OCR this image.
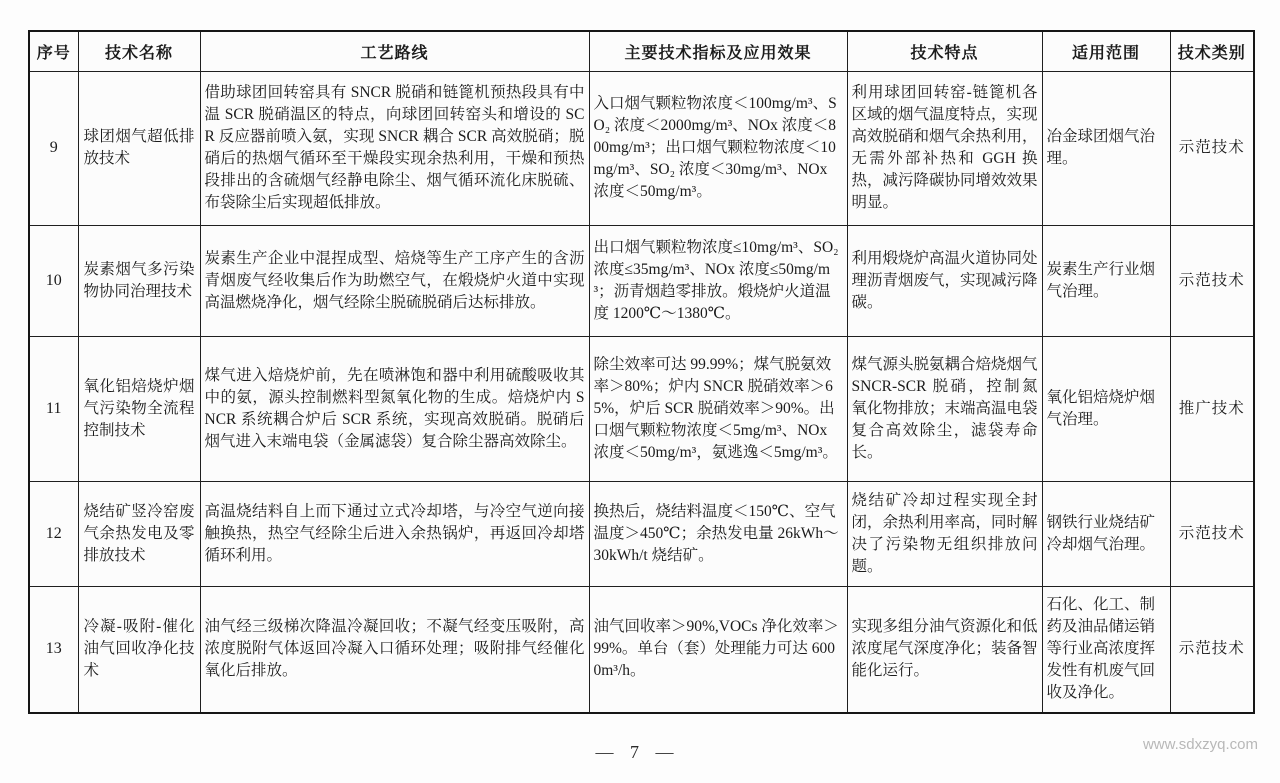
序号	技术名称	工艺路线	主要技术指标及应用效果	技术特点	适用范围	技术类别
9	球团烟气超低排放技术	借助球团回转窑具有 SNCR 脱硝和链篦机预热段具有中温 SCR 脱硝温区的特点，向球团回转窑头和增设的 SCR 反应器前喷入氨，实现 SNCR 耦合 SCR 高效脱硝；脱硝后的热烟气循环至干燥段实现余热利用，干燥和预热段排出的含硫烟气经静电除尘、烟气循环流化床脱硫、布袋除尘后实现超低排放。	入口烟气颗粒物浓度＜100mg/m³、SO₂ 浓度＜2000mg/m³、NOx 浓度＜800mg/m³；出口烟气颗粒物浓度＜10mg/m³、SO₂ 浓度＜30mg/m³、NOx 浓度＜50mg/m³。	利用球团回转窑-链篦机各区域的烟气温度特点，实现高效脱硝和烟气余热利用，无需外部补热和 GGH 换热，减污降碳协同增效效果明显。	冶金球团烟气治理。	示范技术
10	炭素烟气多污染物协同治理技术	炭素生产企业中混捏成型、焙烧等生产工序产生的含沥青烟废气经收集后作为助燃空气，在煅烧炉火道中实现高温燃烧净化，烟气经除尘脱硫脱硝后达标排放。	出口烟气颗粒物浓度≤10mg/m³、SO₂ 浓度≤35mg/m³、NOx 浓度≤50mg/m³；沥青烟趋零排放。煅烧炉火道温度 1200℃～1380℃。	利用煅烧炉高温火道协同处理沥青烟废气，实现减污降碳。	炭素生产行业烟气治理。	示范技术
11	氧化铝焙烧炉烟气污染物全流程控制技术	煤气进入焙烧炉前，先在喷淋饱和器中利用硫酸吸收其中的氨，源头控制燃料型氮氧化物的生成。焙烧炉内 SNCR 系统耦合炉后 SCR 系统，实现高效脱硝。脱硝后烟气进入末端电袋（金属滤袋）复合除尘器高效除尘。	除尘效率可达 99.99%；煤气脱氨效率＞80%；炉内 SNCR 脱硝效率＞65%，炉后 SCR 脱硝效率＞90%。出口烟气颗粒物浓度＜5mg/m³、NOx 浓度＜50mg/m³，氨逃逸＜5mg/m³。	煤气源头脱氨耦合焙烧烟气 SNCR-SCR 脱硝，控制氮氧化物排放；末端高温电袋复合高效除尘，滤袋寿命长。	氧化铝焙烧炉烟气治理。	推广技术
12	烧结矿竖冷窑废气余热发电及零排放技术	高温烧结料自上而下通过立式冷却塔，与冷空气逆向接触换热，热空气经除尘后进入余热锅炉，再返回冷却塔循环利用。	换热后，烧结料温度＜150℃、空气温度＞450℃；余热发电量 26kWh～30kWh/t 烧结矿。	烧结矿冷却过程实现全封闭，余热利用率高，同时解决了污染物无组织排放问题。	钢铁行业烧结矿冷却烟气治理。	示范技术
13	冷凝-吸附-催化油气回收净化技术	油气经三级梯次降温冷凝回收；不凝气经变压吸附，高浓度脱附气体返回冷凝入口循环处理；吸附排气经催化氧化后排放。	油气回收率＞90%,VOCs 净化效率＞99%。单台（套）处理能力可达 6000m³/h。	实现多组分油气资源化和低浓度尾气深度净化；装备智能化运行。	石化、化工、制药及油品储运销等行业高浓度挥发性有机废气回收及净化。	示范技术
— 7 —	www.sdxzyq.com
